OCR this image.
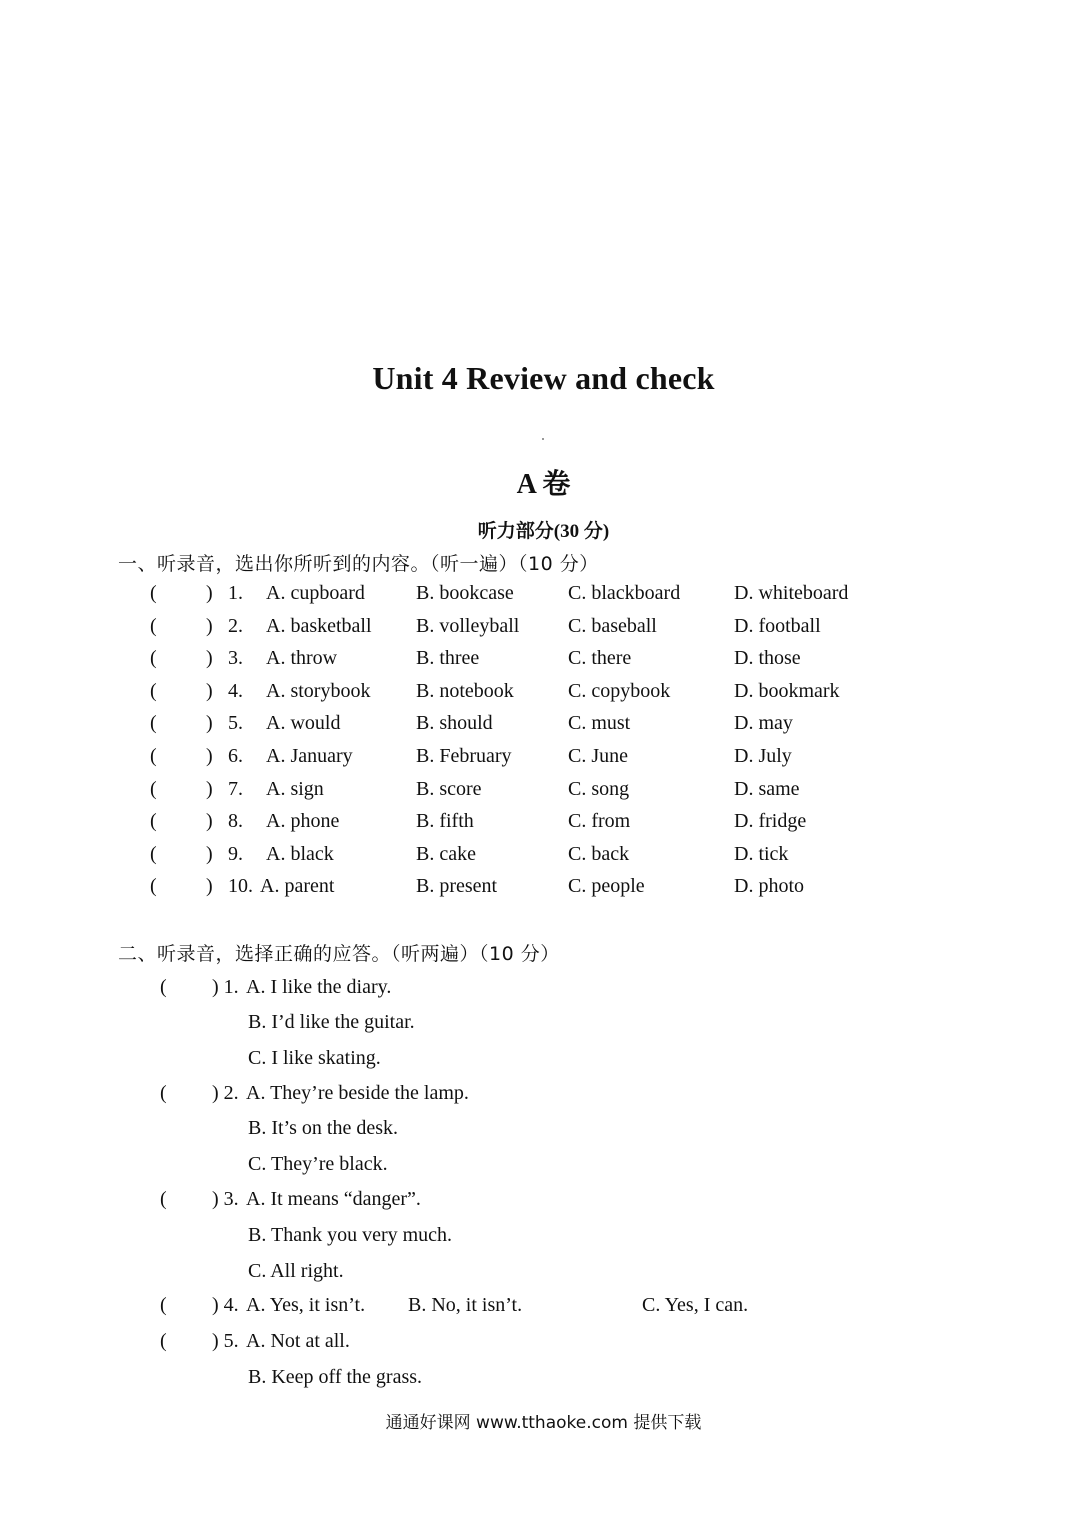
Unit 4 Review and check
A 卷
听力部分(30 分)
一、听录音，选出你所听到的内容。（听一遍）（10 分）
( ) 1. A. cupboard	B. bookcase	C. blackboard	D. whiteboard
( ) 2. A. basketball B. volleyball C. baseball	D. football
( ) 3. A. throw	B. three	C. there	D. those
( ) 4. A. storybook B. notebook	C. copybook	D. bookmark
( ) 5. A. would	B. should	C. must	D. may
( ) 6. A. January	B. February	C. June	D. July
( ) 7. A. sign	B. score	C. song	D. same
( ) 8. A. phone	B. fifth	C. from	D. fridge
( ) 9. A. black	B. cake	C. back	D. tick
( ) 10. A. parent	B. present	C. people	D. photo
二、听录音，选择正确的应答。（听两遍）（10 分）
( ) 1. A. I like the diary.
B. I’d like the guitar.
C. I like skating.
( ) 2. A. They’re beside the lamp.
B. It’s on the desk.
C. They’re black.
( ) 3. A. It means “danger”.
B. Thank you very much.
C. All right.
( ) 4. A. Yes, it isn’t. B. No, it isn’t.	C. Yes, I can.
( ) 5. A. Not at all.
B. Keep off the grass.
通通好课网 www.tthaoke.com 提供下载
